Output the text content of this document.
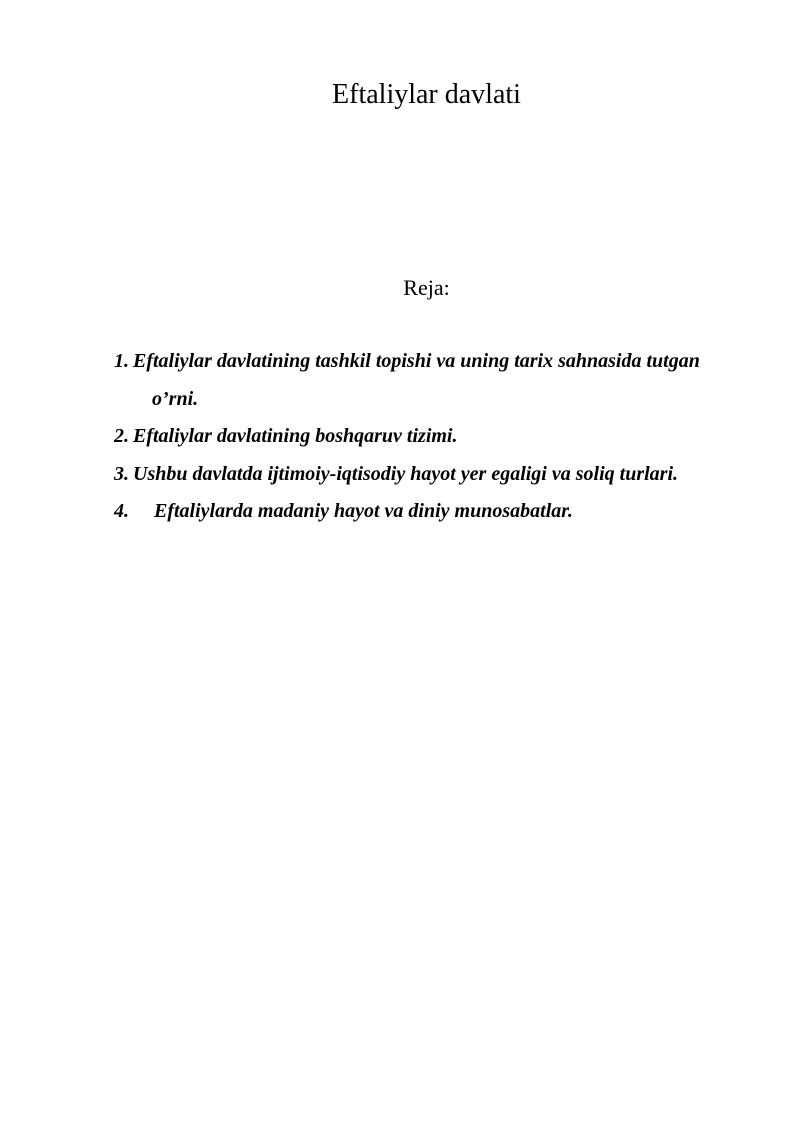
Eftaliylar davlati

Reja:

1. Eftaliylar davlatining tashkil topishi va uning tarix sahnasida tutgan
o’rni.
2. Eftaliylar davlatining boshqaruv tizimi.
3. Ushbu davlatda ijtimoiy-iqtisodiy hayot yer egaligi va soliq turlari.
4. Eftaliylarda madaniy hayot va diniy munosabatlar.
